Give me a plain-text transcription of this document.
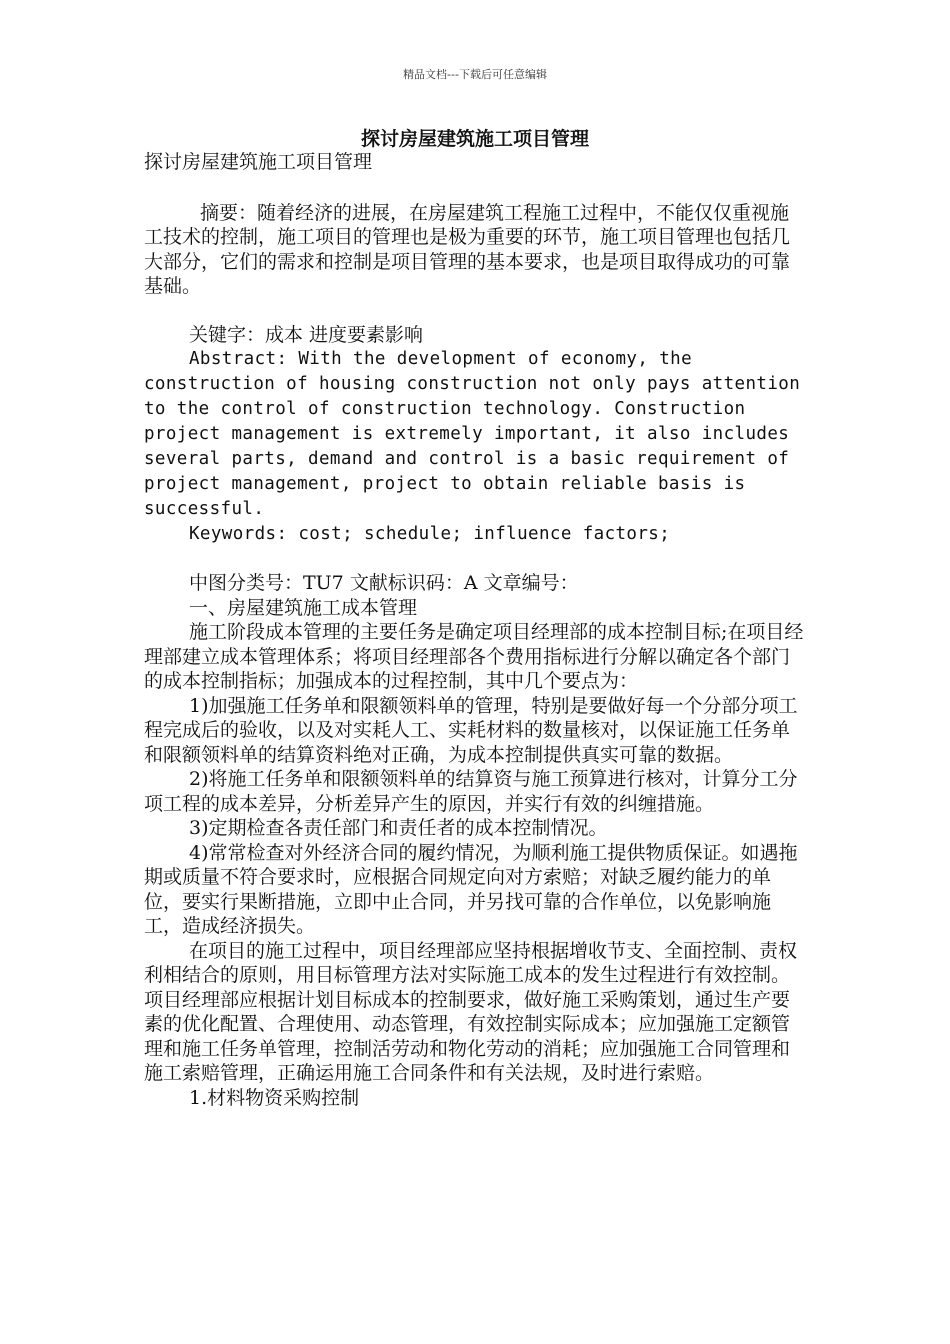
精品文档---下载后可任意编辑
探讨房屋建筑施工项目管理

探讨房屋建筑施工项目管理

摘要：随着经济的进展，在房屋建筑工程施工过程中，不能仅仅重视施工技术的控制，施工项目的管理也是极为重要的环节，施工项目管理也包括几大部分，它们的需求和控制是项目管理的基本要求，也是项目取得成功的可靠基础。

关键字：成本 进度要素影响

Abstract: With the development of economy, the construction of housing construction not only pays attention to the control of construction technology. Construction project management is extremely important, it also includes several parts, demand and control is a basic requirement of project management, project to obtain reliable basis is successful.

Keywords: cost; schedule; influence factors;

中图分类号：TU7 文献标识码：A 文章编号：

一、房屋建筑施工成本管理

施工阶段成本管理的主要任务是确定项目经理部的成本控制目标;在项目经理部建立成本管理体系；将项目经理部各个费用指标进行分解以确定各个部门的成本控制指标；加强成本的过程控制，其中几个要点为：

1)加强施工任务单和限额领料单的管理，特别是要做好每一个分部分项工程完成后的验收，以及对实耗人工、实耗材料的数量核对，以保证施工任务单和限额领料单的结算资料绝对正确，为成本控制提供真实可靠的数据。

2)将施工任务单和限额领料单的结算资与施工预算进行核对，计算分工分项工程的成本差异，分析差异产生的原因，并实行有效的纠缠措施。

3)定期检查各责任部门和责任者的成本控制情况。

4)常常检查对外经济合同的履约情况，为顺利施工提供物质保证。如遇拖期或质量不符合要求时，应根据合同规定向对方索赔；对缺乏履约能力的单位，要实行果断措施，立即中止合同，并另找可靠的合作单位，以免影响施工，造成经济损失。

在项目的施工过程中，项目经理部应坚持根据增收节支、全面控制、责权利相结合的原则，用目标管理方法对实际施工成本的发生过程进行有效控制。项目经理部应根据计划目标成本的控制要求，做好施工采购策划，通过生产要素的优化配置、合理使用、动态管理，有效控制实际成本；应加强施工定额管理和施工任务单管理，控制活劳动和物化劳动的消耗；应加强施工合同管理和施工索赔管理，正确运用施工合同条件和有关法规，及时进行索赔。

1.材料物资采购控制
